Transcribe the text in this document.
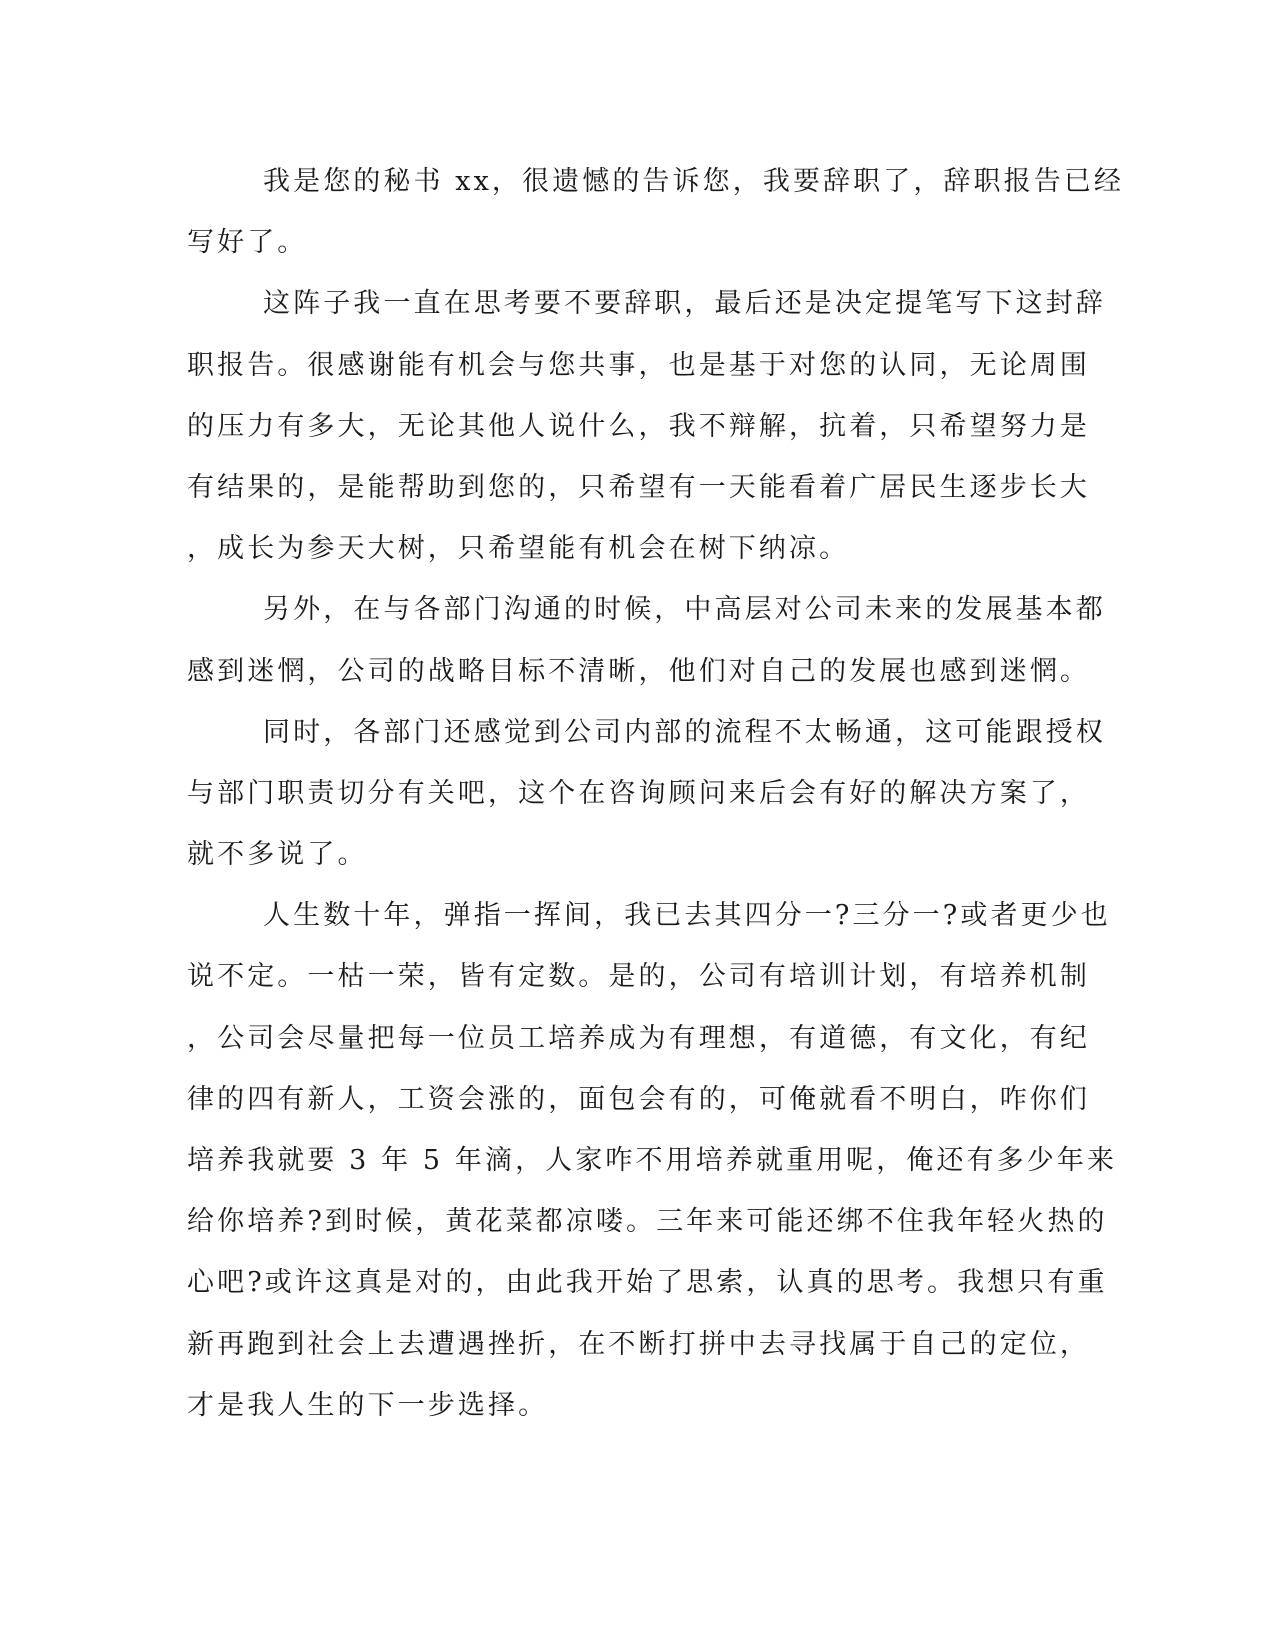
我是您的秘书 xx，很遗憾的告诉您，我要辞职了，辞职报告已经
写好了。
这阵子我一直在思考要不要辞职，最后还是决定提笔写下这封辞
职报告。很感谢能有机会与您共事，也是基于对您的认同，无论周围
的压力有多大，无论其他人说什么，我不辩解，抗着，只希望努力是
有结果的，是能帮助到您的，只希望有一天能看着广居民生逐步长大
，成长为参天大树，只希望能有机会在树下纳凉。
另外，在与各部门沟通的时候，中高层对公司未来的发展基本都
感到迷惘，公司的战略目标不清晰，他们对自己的发展也感到迷惘。
同时，各部门还感觉到公司内部的流程不太畅通，这可能跟授权
与部门职责切分有关吧，这个在咨询顾问来后会有好的解决方案了，
就不多说了。
人生数十年，弹指一挥间，我已去其四分一?三分一?或者更少也
说不定。一枯一荣，皆有定数。是的，公司有培训计划，有培养机制
，公司会尽量把每一位员工培养成为有理想，有道德，有文化，有纪
律的四有新人，工资会涨的，面包会有的，可俺就看不明白，咋你们
培养我就要 3 年 5 年滴，人家咋不用培养就重用呢，俺还有多少年来
给你培养?到时候，黄花菜都凉喽。三年来可能还绑不住我年轻火热的
心吧?或许这真是对的，由此我开始了思索，认真的思考。我想只有重
新再跑到社会上去遭遇挫折，在不断打拼中去寻找属于自己的定位，
才是我人生的下一步选择。
